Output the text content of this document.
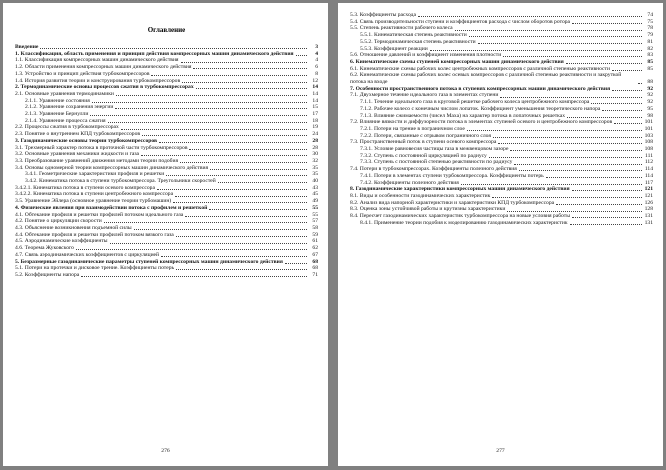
Оглавление
Введение	3
1. Классификация, область применения и принцип действия компрессорных машин динамического действия	4
1.1. Классификация компрессорных машин динамического действия	4
1.2. Области применения компрессорных машин динамического действия	6
1.3. Устройство и принцип действия турбокомпрессоров	8
1.4. История развития теории и конструирования турбокомпрессоров	12
2. Термодинамические основы процессов сжатия в турбокомпрессорах	14
2.1. Основные уравнения термодинамики	14
2.1.1. Уравнение состояния	14
2.1.2. Уравнение сохранения энергии	15
2.1.3. Уравнение Бернулли	17
2.1.4. Уравнение процесса сжатия	18
2.2. Процессы сжатия в турбокомпрессорах	19
2.3. Понятие о внутреннем КПД турбокомпрессоров	24
3. Газодинамические основы теории турбокомпрессоров	28
3.1. Трехмерный характер потока в проточной части турбокомпрессоров	28
3.2. Основные уравнения механики жидкости и газа	30
3.3. Преобразование уравнений движения методами теории подобия	32
3.4. Основы одномерной теории компрессорных машин динамического действия	35
3.4.1. Геометрические характеристики профиля и решетки	35
3.4.2. Кинематика потока в ступени турбокомпрессора. Треугольники скоростей	40
3.4.2.1. Кинематика потока в ступени осевого компрессора	43
3.4.2.2. Кинематика потока в ступени центробежного компрессора	45
3.5. Уравнение Эйлера (основное уравнение теории турбомашин)	49
4. Физические явления при взаимодействии потока с профилем и решеткой	55
4.1. Обтекание профиля и решетки профилей потоком идеального газа	55
4.2. Понятие о циркуляции скорости	57
4.3. Объяснение возникновения подъемной силы	58
4.4. Обтекание профиля и решетки профилей потоком вязкого газа	59
4.5. Аэродинамические коэффициенты	61
4.6. Теорема Жуковского	62
4.7. Связь аэродинамических коэффициентов с циркуляцией	67
5. Безразмерные газодинамические параметры ступеней компрессорных машин динамического действия	68
5.1. Потери на протечки и дисковое трение. Коэффициенты потерь	68
5.2. Коэффициенты напора	71
276
5.3. Коэффициенты расхода	74
5.4. Связь производительности ступени и коэффициентов расхода с числом оборотов ротора	75
5.5. Степень реактивности рабочего колеса	78
5.5.1. Кинематическая степень реактивности	79
5.5.2. Термодинамическая степень реактивности	81
5.5.3. Коэффициент реакции	82
5.6. Отношение давлений и коэффициент изменения плотности	83
6. Кинематические схемы ступеней компрессорных машин динамического действия	85
6.1. Кинематические схемы рабочих колес центробежных компрессоров с различной степенью реактивности	85
6.2. Кинематические схемы рабочих колес осевых компрессоров с различной степенью реактивности и закруткой потока на входе	88
7. Особенности пространственного потока в ступенях компрессорных машин динамического действия	92
7.1. Двухмерное течение идеального газа в элементах ступени	92
7.1.1. Течение идеального газа в круговой решетке рабочего колеса центробежного компрессора	92
7.1.2. Рабочее колесо с конечным числом лопаток. Коэффициент уменьшения теоретического напора	95
7.1.3. Влияние сжимаемости (чисел Маха) на характер потока в лопаточных решетках	98
7.2. Влияние вязкости и диффузорности потока в элементах ступеней осевого и центробежного компрессоров	101
7.2.1. Потери на трение в пограничном слое	101
7.2.2. Потери, связанные с отрывом пограничного слоя	103
7.3. Пространственный поток в ступени осевого компрессора	108
7.3.1. Условие равновесия частицы газа в межвенцовом зазоре	108
7.3.2. Ступень с постоянной циркуляцией по радиусу	111
7.3.3. Ступень с постоянной степенью реактивности по радиусу	112
7.4. Потери в турбокомпрессорах. Коэффициенты полезного действия	114
7.4.1. Потери в элементах ступени турбокомпрессора. Коэффициенты потерь	114
7.4.2. Коэффициенты полезного действия	117
8. Газодинамические характеристики компрессорных машин динамического действия	121
8.1. Виды и особенности газодинамических характеристик	121
8.2. Анализ вида напорной характеристики и характеристики КПД турбокомпрессора	126
8.3. Оценка зоны устойчивой работы и крутизны характеристики	128
8.4. Пересчет газодинамических характеристик турбокомпрессора на новые условия работы	131
8.4.1. Применение теории подобия к моделированию газодинамических характеристик	131
277
